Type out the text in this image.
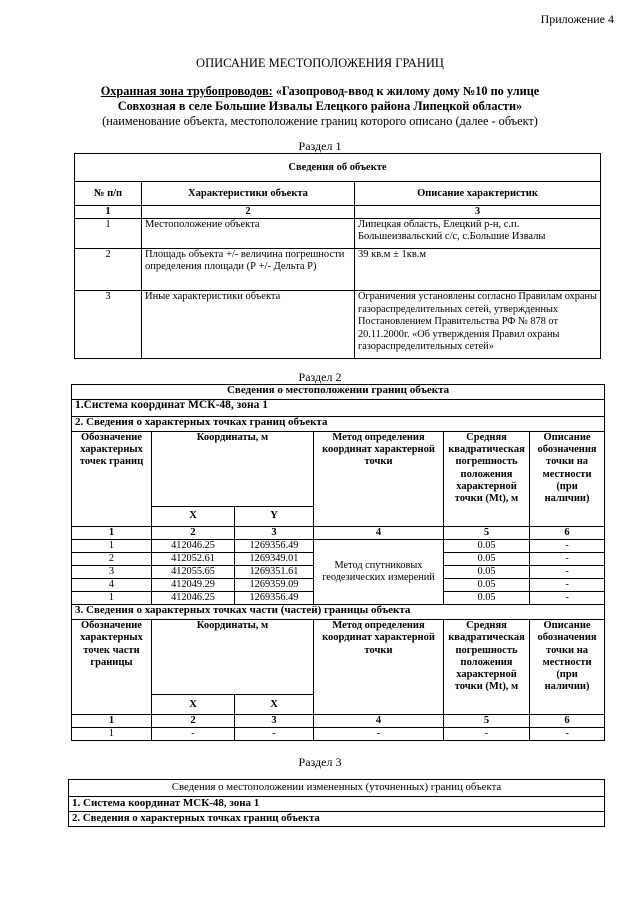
Приложение 4
ОПИСАНИЕ МЕСТОПОЛОЖЕНИЯ ГРАНИЦ
Охранная зона трубопроводов: «Газопровод-ввод к жилому дому №10 по улице
Совхозная в селе Большие Извалы Елецкого района Липецкой области»
(наименование объекта, местоположение границ которого описано (далее - объект)
Раздел 1
Сведения об объекте		
№ п/п	Характеристики объекта	Описание характеристик
1	2	3
1	Местоположение объекта	Липецкая область, Елецкий р-н, с.п. Большеизвальский с/с, с.Большие Извалы
2	Площадь объекта +/- величина погрешности определения площади (Р +/- Дельта Р)	39 кв.м ± 1кв.м
3	Иные характеристики объекта	Ограничения установлены согласно Правилам охраны газораспределительных сетей, утвержденных Постановлением Правительства РФ № 878 от 20.11.2000г. «Об утверждения Правил охраны газораспределительных сетей»
Раздел 2
Сведения о местоположении границ объекта					
1.Система координат МСК-48, зона 1					
2. Сведения о характерных точках границ объекта					
Обозначение характерных точек границ	Координаты, м		Метод определения координат характерной точки	Средняя квадратическая погрешность положения характерной точки (Mt), м	Описание обозначения точки на местности (при наличии)
	X	Y			
1	2	3	4	5	6
1	412046.25	1269356.49	Метод спутниковых геодезических измерений	0.05	-
2	412052.61	1269349.01		0.05	-
3	412055.65	1269351.61		0.05	-
4	412049.29	1269359.09		0.05	-
1	412046.25	1269356.49		0.05	-
3. Сведения о характерных точках части (частей) границы объекта					
Обозначение характерных точек части границы	Координаты, м		Метод определения координат характерной точки	Средняя квадратическая погрешность положения характерной точки (Mt), м	Описание обозначения точки на местности (при наличии)
	X	X			
1	2	3	4	5	6
1	-	-	-	-	-
Раздел 3
Сведения о местоположении измененных (уточненных) границ объекта
1. Система координат МСК-48, зона 1
2. Сведения о характерных точках границ объекта
